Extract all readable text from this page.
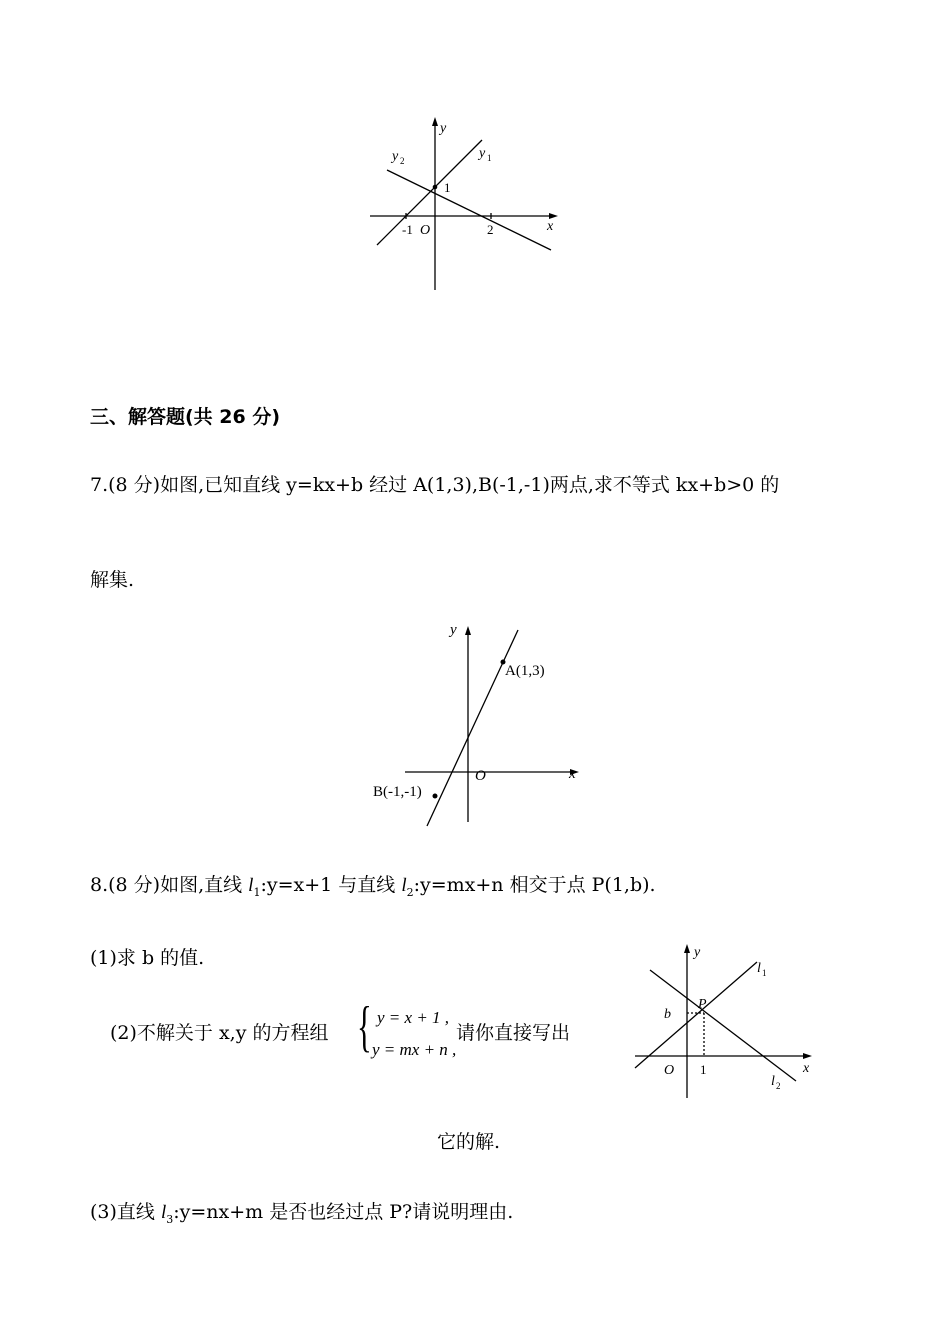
y
x
y 1
y 2
1
-1 O	2
三、解答题(共 26 分)
7.(8 分)如图,已知直线 y=kx+b 经过 A(1,3),B(-1,-1)两点,求不等式 kx+b>0 的
解集.
y
x
O
A(1,3)
B(-1,-1)
8.(8 分)如图,直线 $l_1:y=x+1$ 与直线 $l_2:y=mx+n$ 相交于点 P(1,b).
(1)求 b 的值.
(2)不解关于 x,y 的方程组 { y = x + 1 ,
y = mx + n ,
请你直接写出
它的解.
(3)直线 $l_3:y=nx+m$ 是否也经过点 P?请说明理由.
y
x
O
b
1
P
l 1
l 2
